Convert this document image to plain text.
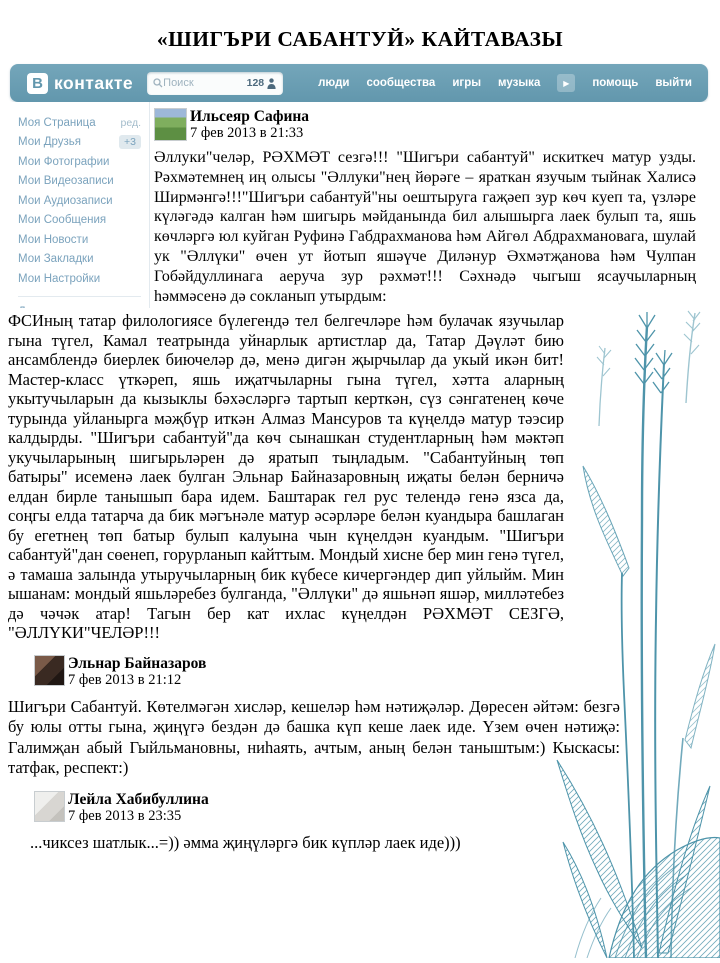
«ШИГЪРИ САБАНТУЙ» КАЙТАВАЗЫ
В контакте
Поиск	128	люди сообщества игры музыка	▶ помощь выйти
Моя Страница ред.
Мои Друзья	+3
Мои Фотографии
Мои Видеозаписи
Мои Аудиозаписи
Мои Сообщения
Мои Новости
Мои Закладки
Мои Настройки
Ильсеяр Сафина
7 фев 2013 в 21:33
Әллуки"челәр, РӘХМӘТ сезгә!!! "Шигъри сабантуй" искиткеч матур узды. Рәхмәтемнең иң олысы "Әллуки"нең йөрәге – яраткан язучым тыйнак Халисә Ширмәнгә!!!"Шигъри сабантуй"ны оештыруга гаҗәеп зур көч куеп та, үзләре күләгәдә калган һәм шигырь мәйданында бил алышырга лаек булып та, яшь көчләргә юл куйган Руфинә Габдрахманова һәм Айгөл Абдрахмановага, шулай ук "Әллүки" өчен ут йотып яшәүче Диләнур Әхмәтҗанова һәм Чулпан Гобәйдуллинага аеруча зур рәхмәт!!! Сәхнәдә чыгыш ясаучыларның һәммәсенә дә сокланып утырдым:
ФСИның татар филологиясе бүлегендә тел белгечләре һәм булачак язучылар гына түгел, Камал театрында уйнарлык артистлар да, Татар Дәүләт бию ансамблендә биерлек биючеләр дә, менә дигән җырчылар да укый икән бит! Мастер-класс үткәреп, яшь иҗатчыларны гына түгел, хәтта аларның укытучыларын да кызыклы бәхәсләргә тартып керткән, сүз сәнгатенең көче турында уйланырга мәҗбүр иткән Алмаз Мансуров та күңелдә матур тәэсир калдырды. "Шигъри сабантуй"да көч сынашкан студентларның һәм мәктәп укучыларының шигырьләрен дә яратып тыңладым. "Сабантуйның төп батыры" исеменә лаек булган Эльнар Байназаровның иҗаты белән берничә елдан бирле танышып бара идем. Баштарак гел рус телендә генә язса да, соңгы елда татарча да бик мәгънәле матур әсәрләре белән куандыра башлаган бу егетнең төп батыр булып калуына чын күңелдән куандым. "Шигъри сабантуй"дан сөенеп, горурланып кайттым. Мондый хисне бер мин генә түгел, ә тамаша залында утыручыларның бик күбесе кичергәндер дип уйлыйм. Мин ышанам: мондый яшьләребез булганда, "Әллүки" дә яшьнәп яшәр, милләтебез дә чәчәк атар! Тагын бер кат ихлас күңелдән РӘХМӘТ СЕЗГӘ, "ӘЛЛҮКИ"ЧЕЛӘР!!!
Эльнар Байназаров
7 фев 2013 в 21:12
Шигъри Сабантуй. Көтелмәгән хисләр, кешеләр һәм нәтиҗәләр. Дөресен әйтәм: безгә бу юлы отты гына, җиңүгә бездән дә башка күп кеше лаек иде. Үзем өчен нәтиҗә: Галимҗан абый Гыйльмановны, ниһаять, ачтым, аның белән таныштым:) Кыскасы: татфак, респект:)
Лейла Хабибуллина
7 фев 2013 в 23:35
...чиксез шатлык...=)) әмма җиңүләргә бик күпләр лаек иде)))
